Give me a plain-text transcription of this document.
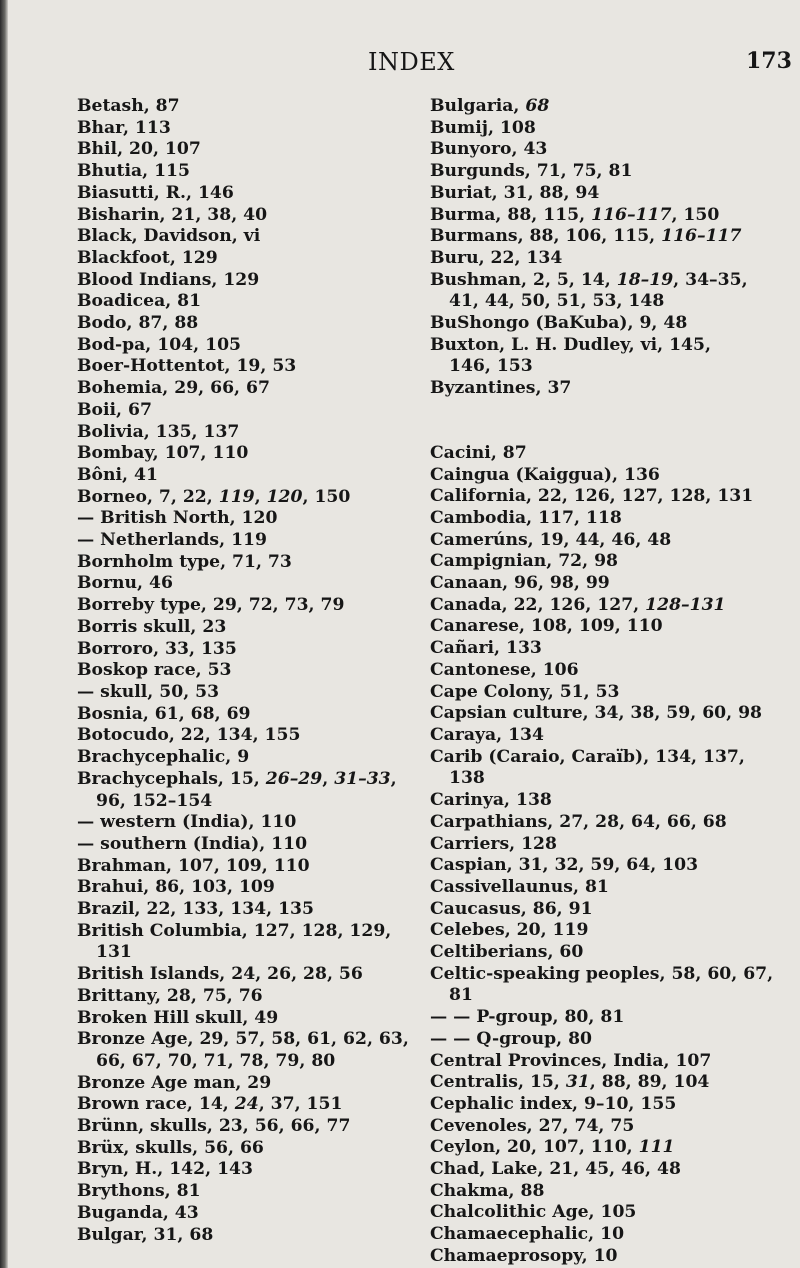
INDEX	173
Betash, 87
Bhar, 113
Bhil, 20, 107
Bhutia, 115
Biasutti, R., 146
Bisharin, 21, 38, 40
Black, Davidson, vi
Blackfoot, 129
Blood Indians, 129
Boadicea, 81
Bodo, 87, 88
Bod-pa, 104, 105
Boer-Hottentot, 19, 53
Bohemia, 29, 66, 67
Boii, 67
Bolivia, 135, 137
Bombay, 107, 110
Bôni, 41
Borneo, 7, 22, 119, 120, 150
— British North, 120
— Netherlands, 119
Bornholm type, 71, 73
Bornu, 46
Borreby type, 29, 72, 73, 79
Borris skull, 23
Borroro, 33, 135
Boskop race, 53
— skull, 50, 53
Bosnia, 61, 68, 69
Botocudo, 22, 134, 155
Brachycephalic, 9
Brachycephals, 15, 26–29, 31–33,
96, 152–154
— western (India), 110
— southern (India), 110
Brahman, 107, 109, 110
Brahui, 86, 103, 109
Brazil, 22, 133, 134, 135
British Columbia, 127, 128, 129,
131
British Islands, 24, 26, 28, 56
Brittany, 28, 75, 76
Broken Hill skull, 49
Bronze Age, 29, 57, 58, 61, 62, 63,
66, 67, 70, 71, 78, 79, 80
Bronze Age man, 29
Brown race, 14, 24, 37, 151
Brünn, skulls, 23, 56, 66, 77
Brüx, skulls, 56, 66
Bryn, H., 142, 143
Brythons, 81
Buganda, 43
Bulgar, 31, 68
Bulgaria, 68
Bumij, 108
Bunyoro, 43
Burgunds, 71, 75, 81
Buriat, 31, 88, 94
Burma, 88, 115, 116–117, 150
Burmans, 88, 106, 115, 116–117
Buru, 22, 134
Bushman, 2, 5, 14, 18–19, 34–35,
41, 44, 50, 51, 53, 148
BuShongo (BaKuba), 9, 48
Buxton, L. H. Dudley, vi, 145,
146, 153
Byzantines, 37
Cacini, 87
Caingua (Kaiggua), 136
California, 22, 126, 127, 128, 131
Cambodia, 117, 118
Camerúns, 19, 44, 46, 48
Campignian, 72, 98
Canaan, 96, 98, 99
Canada, 22, 126, 127, 128–131
Canarese, 108, 109, 110
Cañari, 133
Cantonese, 106
Cape Colony, 51, 53
Capsian culture, 34, 38, 59, 60, 98
Caraya, 134
Carib (Caraio, Caraïb), 134, 137,
138
Carinya, 138
Carpathians, 27, 28, 64, 66, 68
Carriers, 128
Caspian, 31, 32, 59, 64, 103
Cassivellaunus, 81
Caucasus, 86, 91
Celebes, 20, 119
Celtiberians, 60
Celtic-speaking peoples, 58, 60, 67,
81
— — P-group, 80, 81
— — Q-group, 80
Central Provinces, India, 107
Centralis, 15, 31, 88, 89, 104
Cephalic index, 9–10, 155
Cevenoles, 27, 74, 75
Ceylon, 20, 107, 110, 111
Chad, Lake, 21, 45, 46, 48
Chakma, 88
Chalcolithic Age, 105
Chamaecephalic, 10
Chamaeprosopy, 10
